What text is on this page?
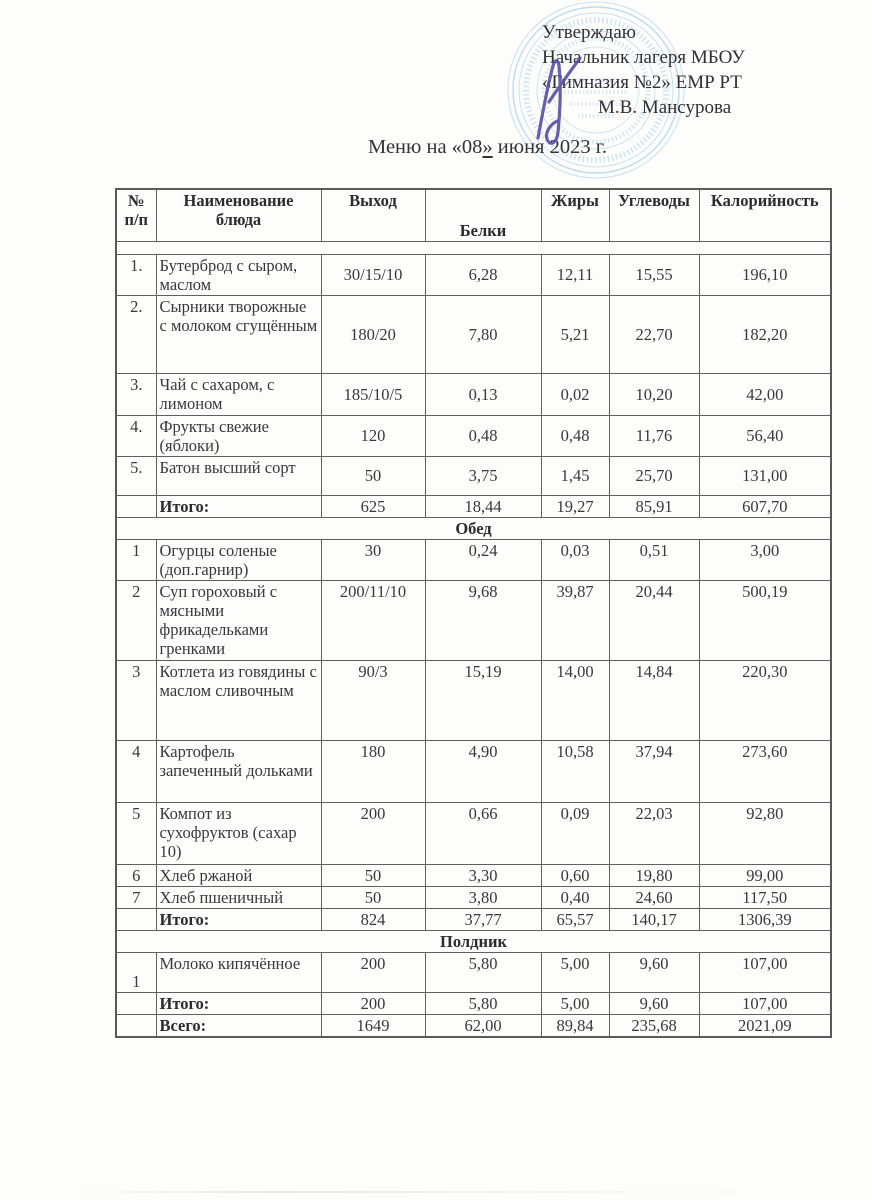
Утверждаю
Начальник лагеря МБОУ
«Гимназия №2» ЕМР РТ
М.В. Мансурова
Меню на «08» июня 2023 г.
№ п/п	Наименование блюда	Выход	Белки	Жиры	Углеводы	Калорийность

1.	Бутерброд с сыром, маслом	30/15/10	6,28	12,11	15,55	196,10
2.	Сырники творожные с молоком сгущённым	180/20	7,80	5,21	22,70	182,20
3.	Чай с сахаром, с лимоном	185/10/5	0,13	0,02	10,20	42,00
4.	Фрукты свежие (яблоки)	120	0,48	0,48	11,76	56,40
5.	Батон высший сорт	50	3,75	1,45	25,70	131,00
	Итого:	625	18,44	19,27	85,91	607,70
Обед						
1	Огурцы соленые (доп.гарнир)	30	0,24	0,03	0,51	3,00
2	Суп гороховый с мясными фрикадельками гренками	200/11/10	9,68	39,87	20,44	500,19
3	Котлета из говядины с маслом сливочным	90/3	15,19	14,00	14,84	220,30
4	Картофель запеченный дольками	180	4,90	10,58	37,94	273,60
5	Компот из сухофруктов (сахар 10)	200	0,66	0,09	22,03	92,80
6	Хлеб ржаной	50	3,30	0,60	19,80	99,00
7	Хлеб пшеничный	50	3,80	0,40	24,60	117,50
	Итого:	824	37,77	65,57	140,17	1306,39
Полдник						
1	Молоко кипячённое	200	5,80	5,00	9,60	107,00
	Итого:	200	5,80	5,00	9,60	107,00
	Всего:	1649	62,00	89,84	235,68	2021,09
